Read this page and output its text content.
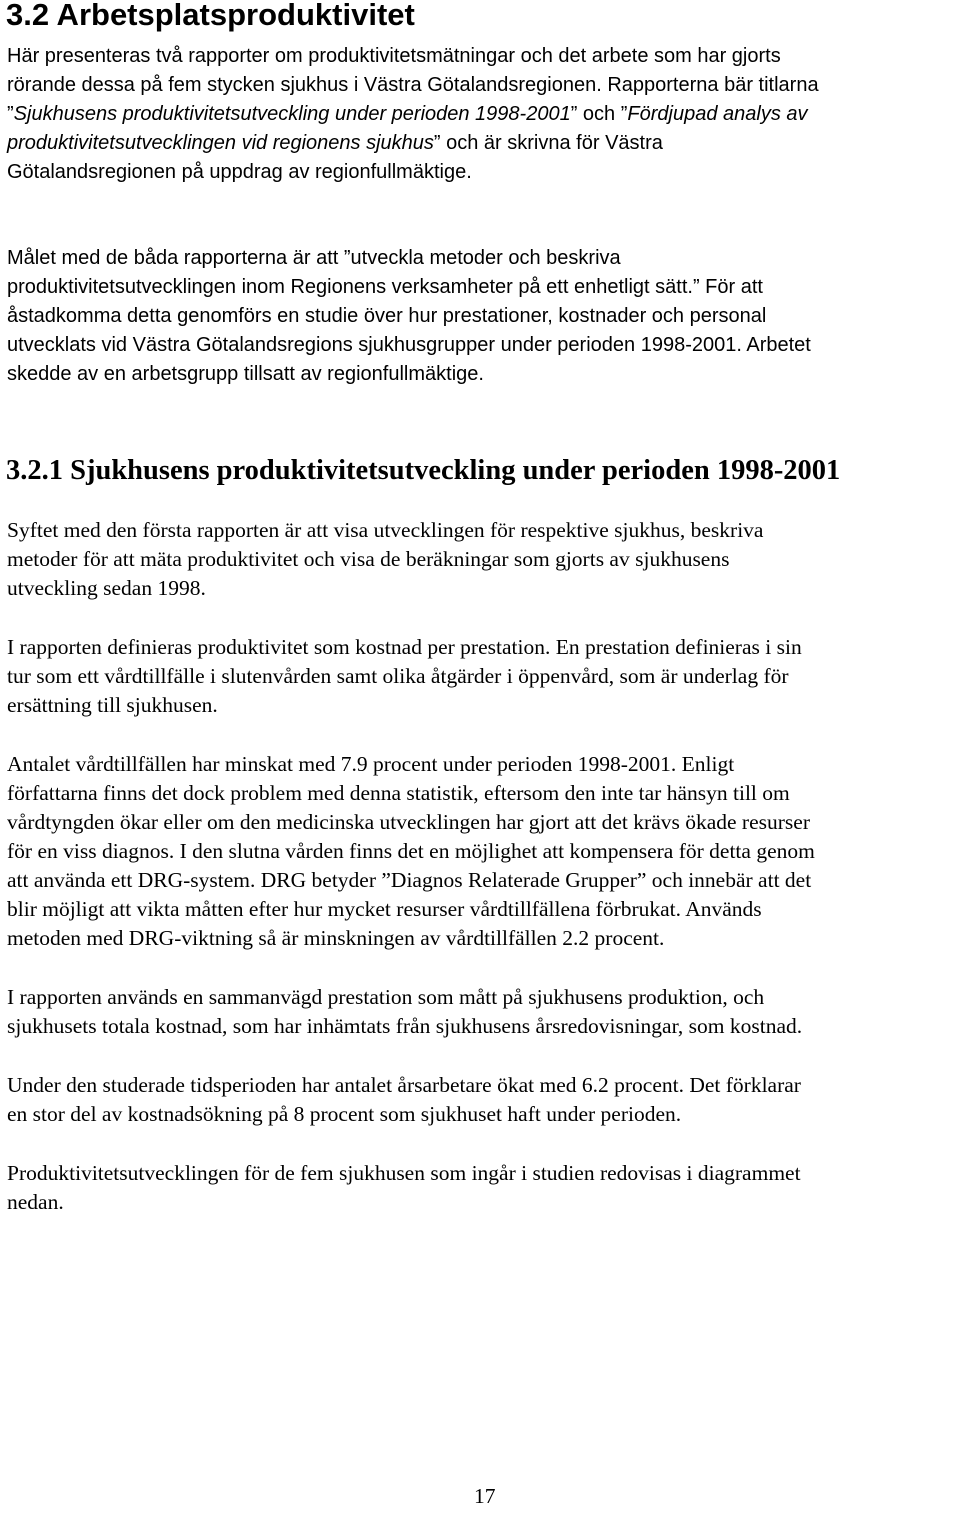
3.2 Arbetsplatsproduktivitet
Här presenteras två rapporter om produktivitetsmätningar och det arbete som har gjorts
rörande dessa på fem stycken sjukhus i Västra Götalandsregionen. Rapporterna bär titlarna
”Sjukhusens produktivitetsutveckling under perioden 1998-2001” och ”Fördjupad analys av
produktivitetsutvecklingen vid regionens sjukhus” och är skrivna för Västra
Götalandsregionen på uppdrag av regionfullmäktige.
Målet med de båda rapporterna är att ”utveckla metoder och beskriva
produktivitetsutvecklingen inom Regionens verksamheter på ett enhetligt sätt.” För att
åstadkomma detta genomförs en studie över hur prestationer, kostnader och personal
utvecklats vid Västra Götalandsregions sjukhusgrupper under perioden 1998-2001. Arbetet
skedde av en arbetsgrupp tillsatt av regionfullmäktige.
3.2.1 Sjukhusens produktivitetsutveckling under perioden 1998-2001
Syftet med den första rapporten är att visa utvecklingen för respektive sjukhus, beskriva
metoder för att mäta produktivitet och visa de beräkningar som gjorts av sjukhusens
utveckling sedan 1998.
I rapporten definieras produktivitet som kostnad per prestation. En prestation definieras i sin
tur som ett vårdtillfälle i slutenvården samt olika åtgärder i öppenvård, som är underlag för
ersättning till sjukhusen.
Antalet vårdtillfällen har minskat med 7.9 procent under perioden 1998-2001. Enligt
författarna finns det dock problem med denna statistik, eftersom den inte tar hänsyn till om
vårdtyngden ökar eller om den medicinska utvecklingen har gjort att det krävs ökade resurser
för en viss diagnos. I den slutna vården finns det en möjlighet att kompensera för detta genom
att använda ett DRG-system. DRG betyder ”Diagnos Relaterade Grupper” och innebär att det
blir möjligt att vikta måtten efter hur mycket resurser vårdtillfällena förbrukat. Används
metoden med DRG-viktning så är minskningen av vårdtillfällen 2.2 procent.
I rapporten används en sammanvägd prestation som mått på sjukhusens produktion, och
sjukhusets totala kostnad, som har inhämtats från sjukhusens årsredovisningar, som kostnad.
Under den studerade tidsperioden har antalet årsarbetare ökat med 6.2 procent. Det förklarar
en stor del av kostnadsökning på 8 procent som sjukhuset haft under perioden.
Produktivitetsutvecklingen för de fem sjukhusen som ingår i studien redovisas i diagrammet
nedan.
17
